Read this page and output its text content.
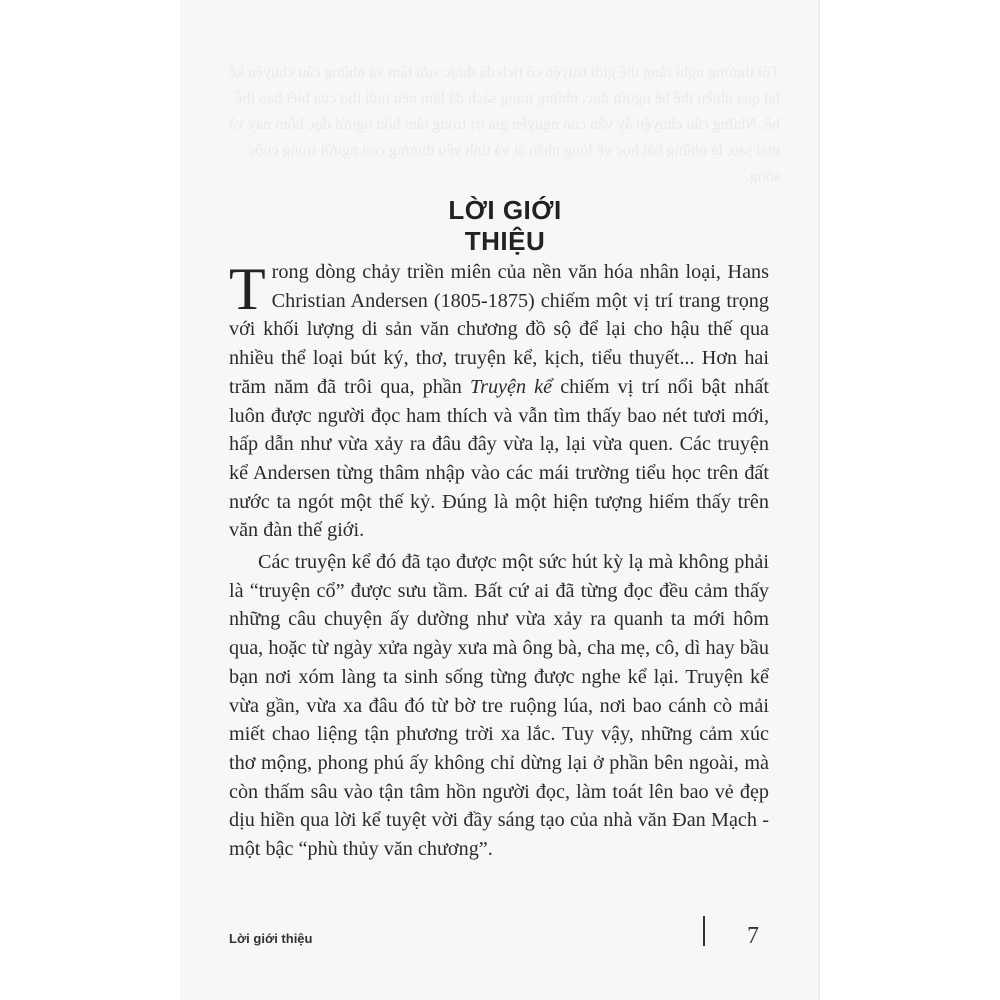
Tôi thường nghĩ rằng thế giới truyện cổ tích đã được sưu tầm và những câu chuyện kể lại qua nhiều thế hệ người đọc, những trang sách đã làm nên tuổi thơ của biết bao thế hệ. Những câu chuyện ấy vẫn còn nguyên giá trị trong tâm hồn người đọc hôm nay và mai sau, là những bài học về lòng nhân ái và tình yêu thương con người trong cuộc sống.
LỜI GIỚI THIỆU

Trong dòng chảy triền miên của nền văn hóa nhân loại, Hans Christian Andersen (1805-1875) chiếm một vị trí trang trọng với khối lượng di sản văn chương đồ sộ để lại cho hậu thế qua nhiều thể loại bút ký, thơ, truyện kể, kịch, tiểu thuyết... Hơn hai trăm năm đã trôi qua, phần Truyện kể chiếm vị trí nổi bật nhất luôn được người đọc ham thích và vẫn tìm thấy bao nét tươi mới, hấp dẫn như vừa xảy ra đâu đây vừa lạ, lại vừa quen. Các truyện kể Andersen từng thâm nhập vào các mái trường tiểu học trên đất nước ta ngót một thế kỷ. Đúng là một hiện tượng hiếm thấy trên văn đàn thế giới.

Các truyện kể đó đã tạo được một sức hút kỳ lạ mà không phải là “truyện cổ” được sưu tầm. Bất cứ ai đã từng đọc đều cảm thấy những câu chuyện ấy dường như vừa xảy ra quanh ta mới hôm qua, hoặc từ ngày xửa ngày xưa mà ông bà, cha mẹ, cô, dì hay bầu bạn nơi xóm làng ta sinh sống từng được nghe kể lại. Truyện kể vừa gần, vừa xa đâu đó từ bờ tre ruộng lúa, nơi bao cánh cò mải miết chao liệng tận phương trời xa lắc. Tuy vậy, những cảm xúc thơ mộng, phong phú ấy không chỉ dừng lại ở phần bên ngoài, mà còn thấm sâu vào tận tâm hồn người đọc, làm toát lên bao vẻ đẹp dịu hiền qua lời kể tuyệt vời đầy sáng tạo của nhà văn Đan Mạch - một bậc “phù thủy văn chương”.

Lời giới thiệu	7
